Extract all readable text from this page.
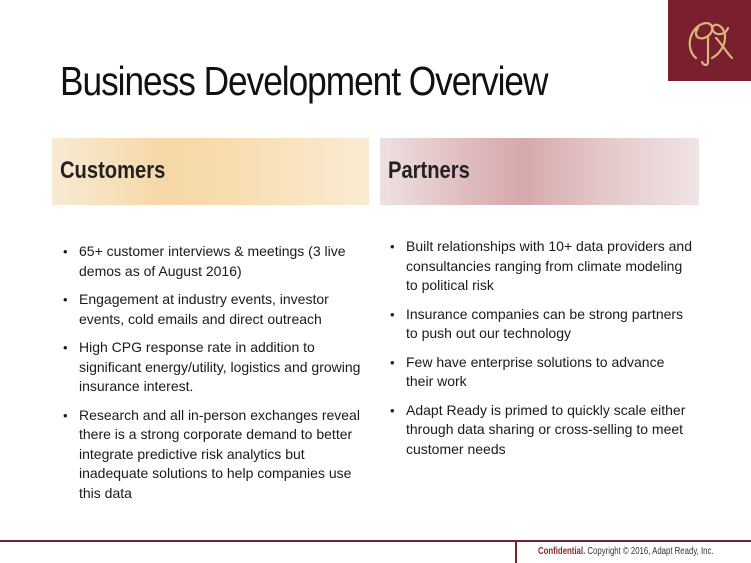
Business Development Overview
Customers	Partners
• 65+ customer interviews & meetings (3 live demos as of August 2016)
• Engagement at industry events, investor events, cold emails and direct outreach
• High CPG response rate in addition to significant energy/utility, logistics and growing insurance interest.
• Research and all in-person exchanges reveal there is a strong corporate demand to better integrate predictive risk analytics but inadequate solutions to help companies use this data
• Built relationships with 10+ data providers and consultancies ranging from climate modeling to political risk
• Insurance companies can be strong partners to push out our technology
• Few have enterprise solutions to advance their work
• Adapt Ready is primed to quickly scale either through data sharing or cross-selling to meet customer needs
Confidential. Copyright © 2016, Adapt Ready, Inc.
